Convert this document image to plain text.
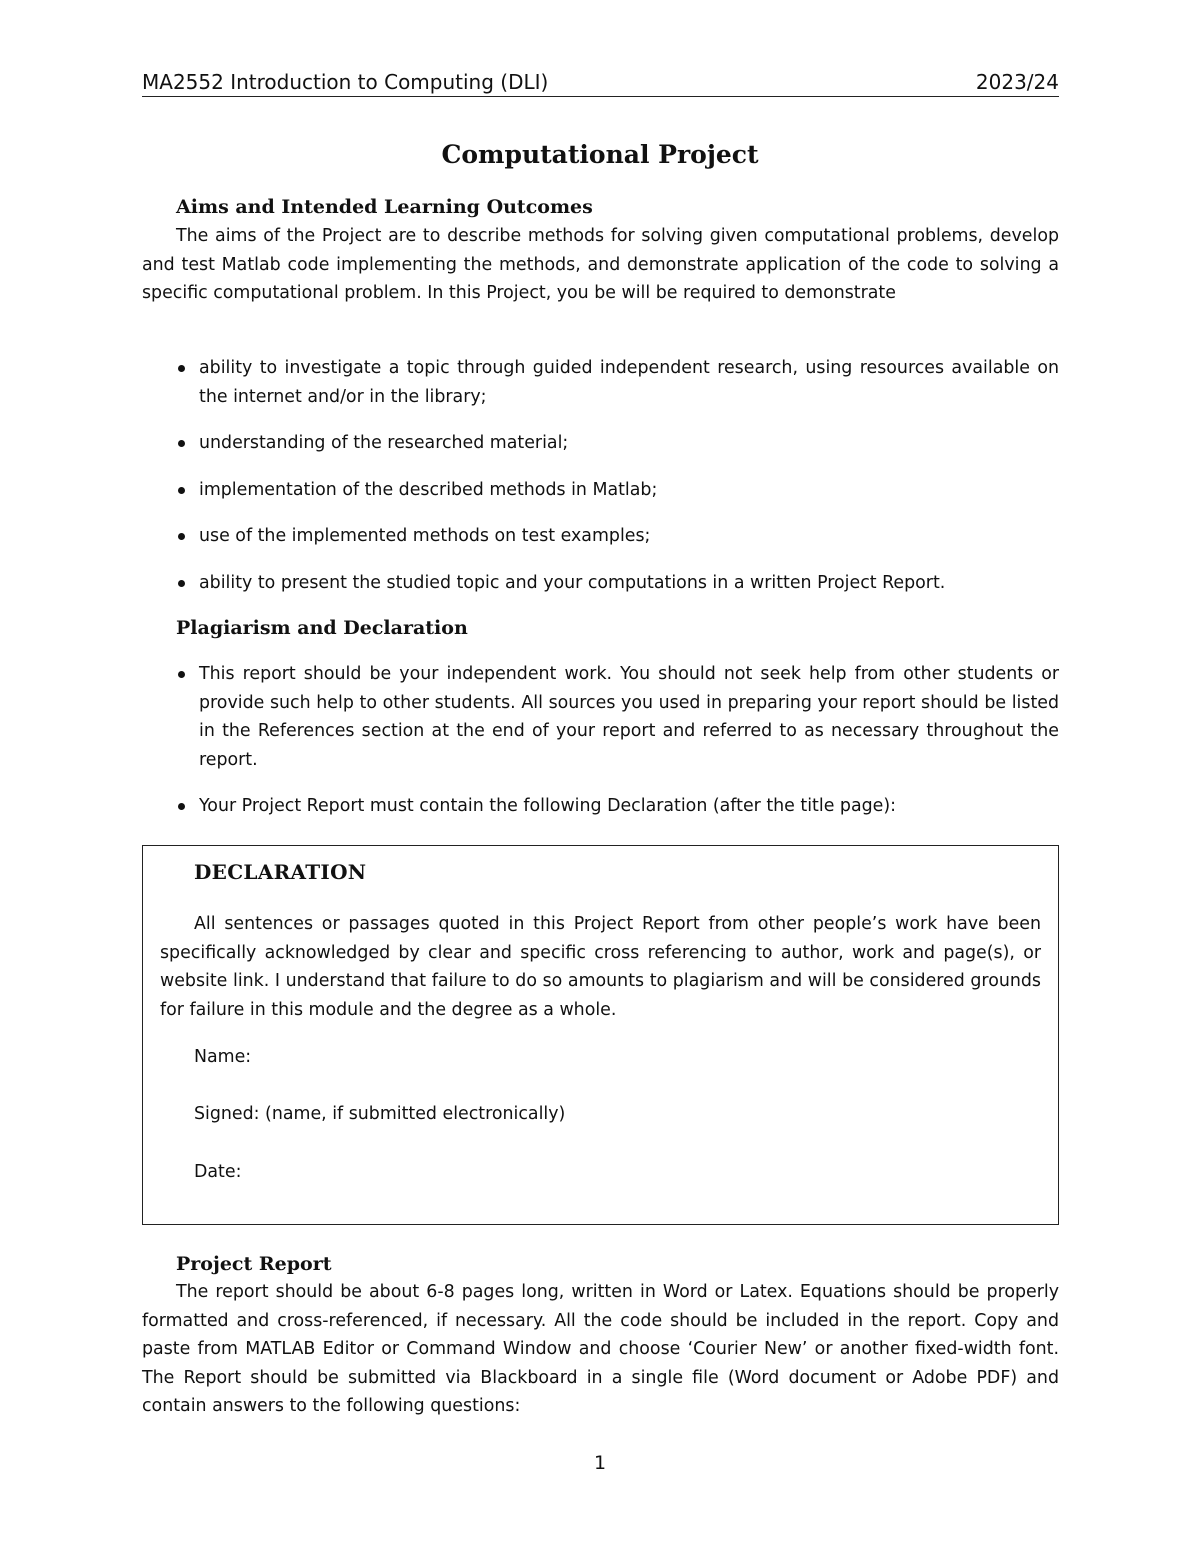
MA2552 Introduction to Computing (DLI)	2023/24
Computational Project
Aims and Intended Learning Outcomes

The aims of the Project are to describe methods for solving given computational problems, develop and test Matlab code implementing the methods, and demonstrate application of the code to solving a specific computational problem. In this Project, you be will be required to demonstrate

ability to investigate a topic through guided independent research, using resources available on the internet and/or in the library;
understanding of the researched material;
implementation of the described methods in Matlab;
use of the implemented methods on test examples;
ability to present the studied topic and your computations in a written Project Report.
Plagiarism and Declaration
This report should be your independent work. You should not seek help from other students or provide such help to other students. All sources you used in preparing your report should be listed in the References section at the end of your report and referred to as necessary throughout the report.
Your Project Report must contain the following Declaration (after the title page):
DECLARATION

All sentences or passages quoted in this Project Report from other people’s work have been specifically acknowledged by clear and specific cross referencing to author, work and page(s), or website link. I understand that failure to do so amounts to plagiarism and will be considered grounds for failure in this module and the degree as a whole.

Name:
Signed: (name, if submitted electronically)
Date:
Project Report

The report should be about 6-8 pages long, written in Word or Latex. Equations should be properly formatted and cross-referenced, if necessary. All the code should be included in the report. Copy and paste from MATLAB Editor or Command Window and choose ‘Courier New’ or another fixed-width font. The Report should be submitted via Blackboard in a single file (Word document or Adobe PDF) and contain answers to the following questions:

1
